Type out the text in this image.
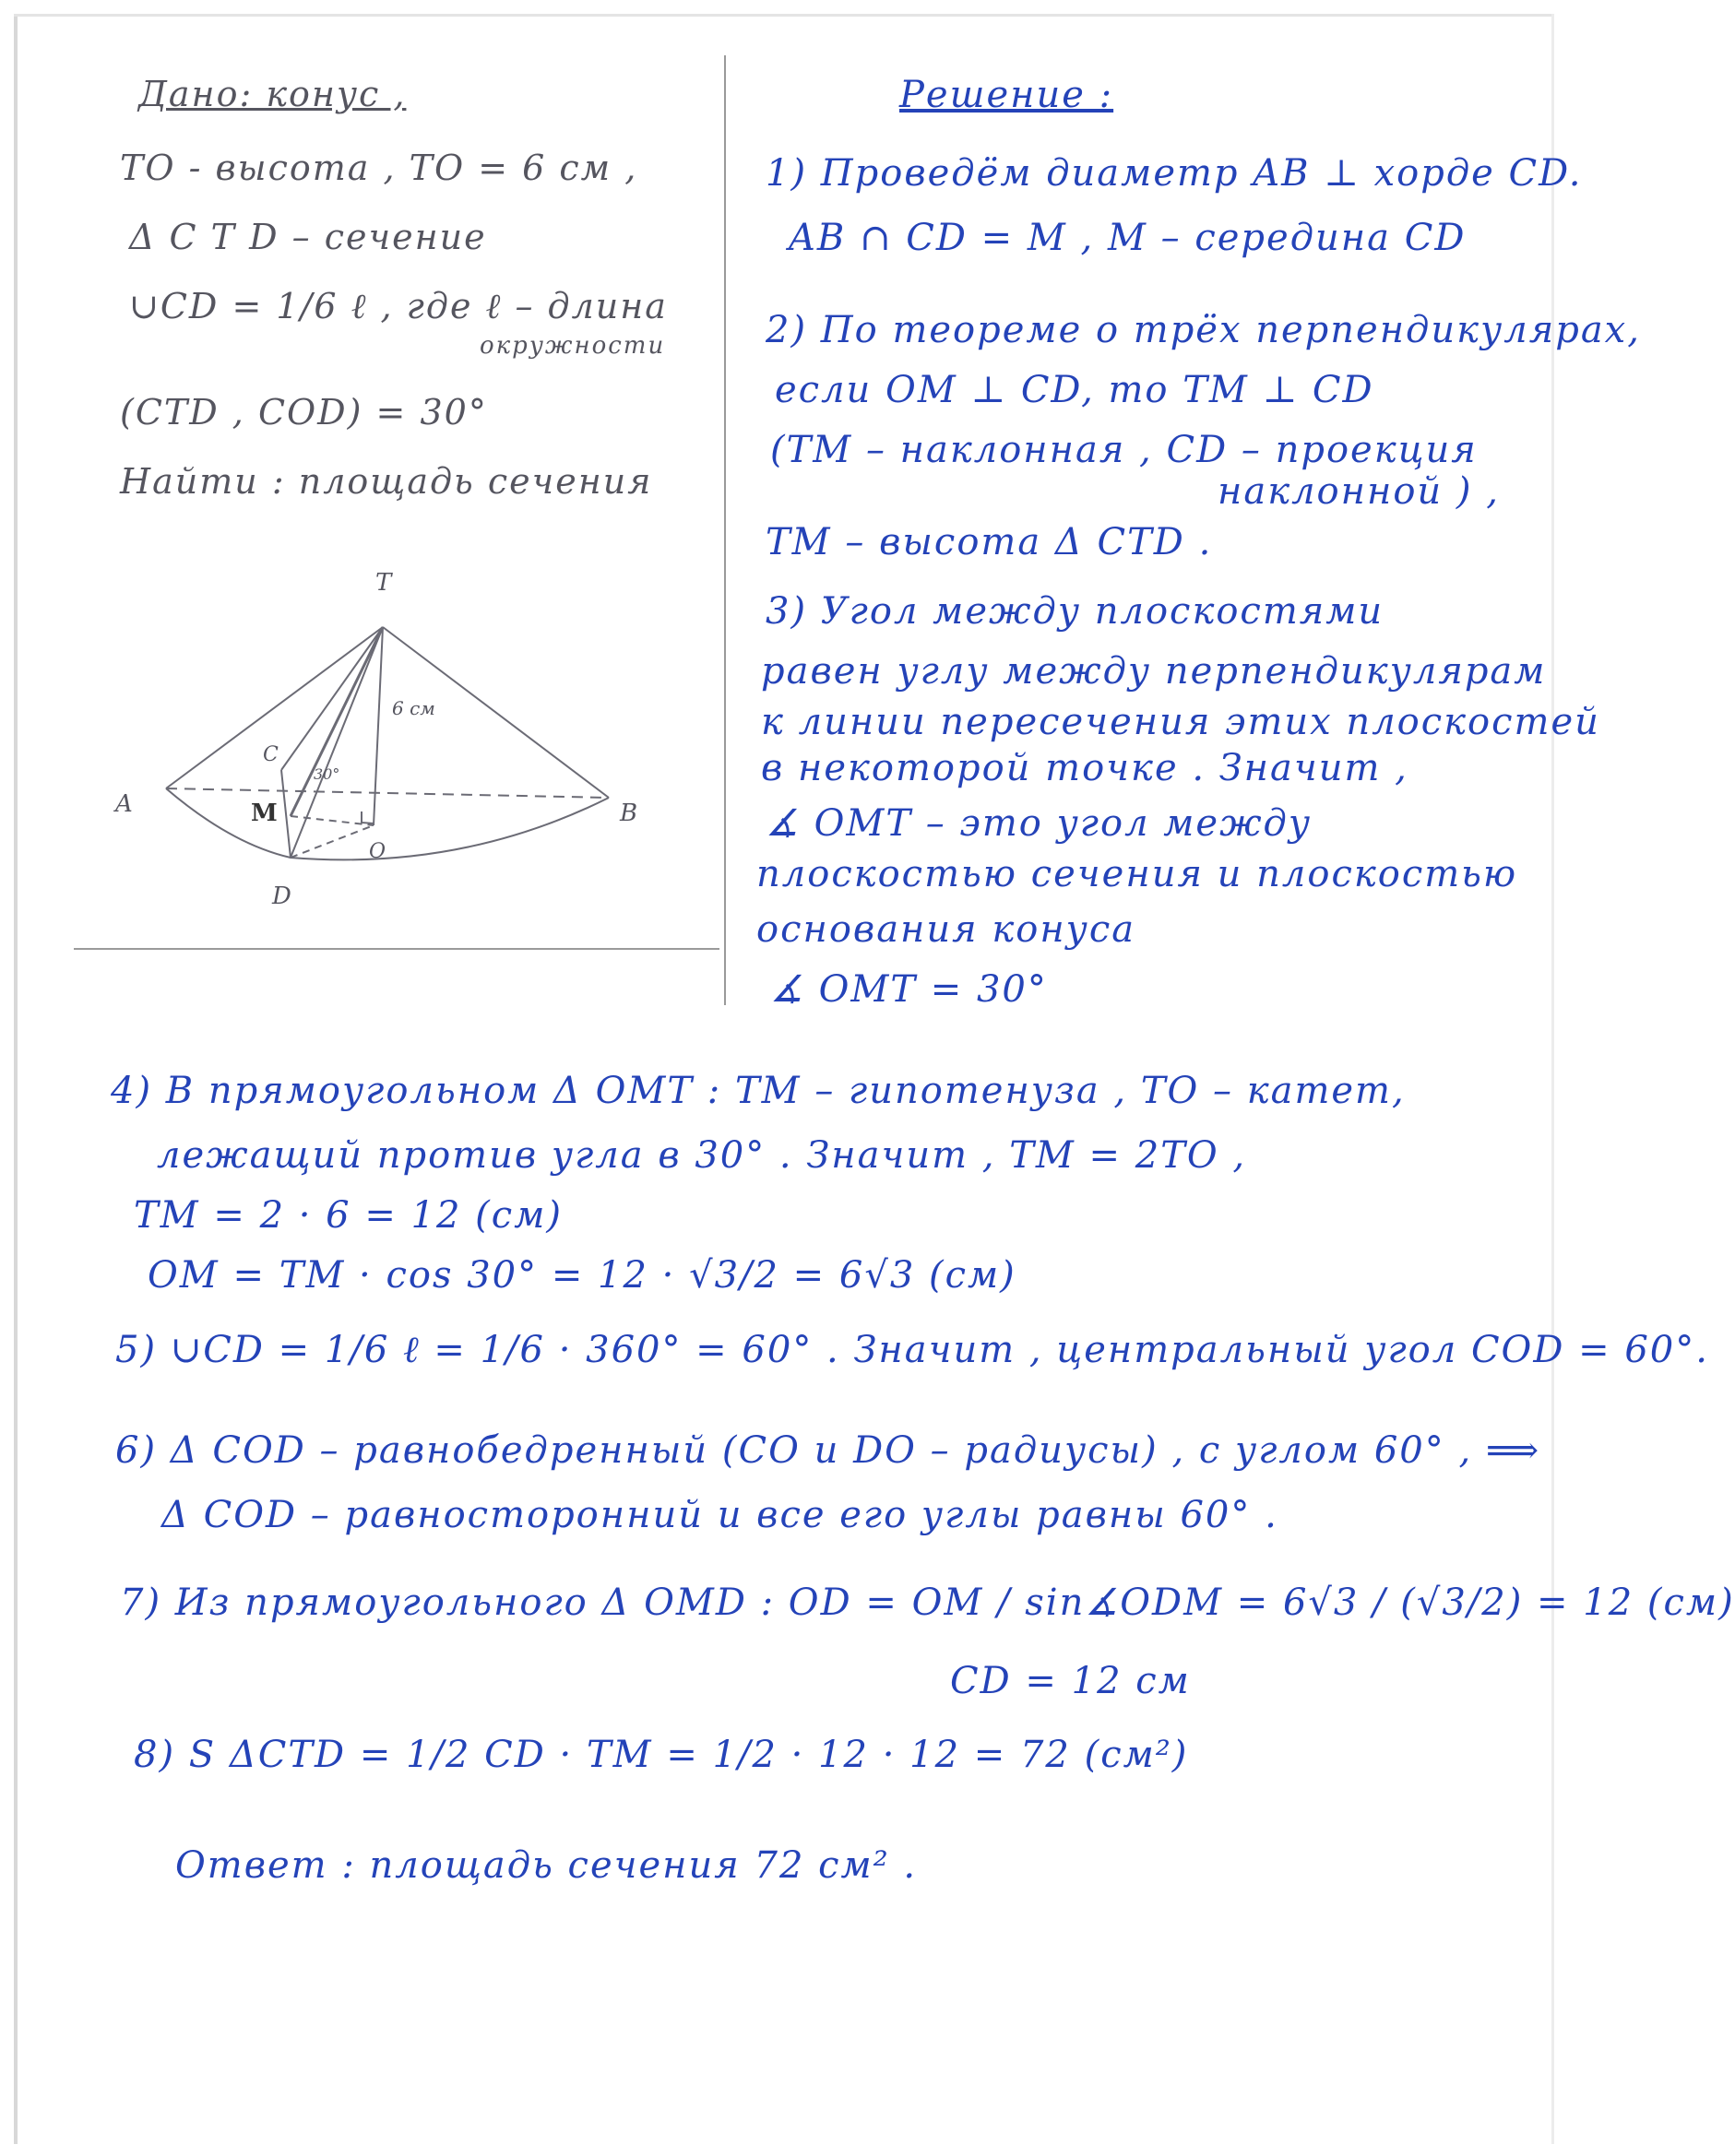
Дано: конус ,
TO - высота , TO = 6 см ,
Δ C T D – сечение
∪CD = 1/6 ℓ , где ℓ – длина
окружности
(CTD , COD) = 30°
Найти : площадь сечения
T
A	B
C
D
M
O
6 см
30°
Решение :
1) Проведём диаметр AB ⊥ хорде CD.
AB ∩ CD = M , M – середина CD
2) По теореме о трёх перпендикулярах,
если OM ⊥ CD, то TM ⊥ CD
(TM – наклонная , CD – проекция
наклонной ) ,
TM – высота Δ CTD .
3) Угол между плоскостями
равен углу между перпендикулярам
к линии пересечения этих плоскостей
в некоторой точке . Значит ,
∡ OMT – это угол между
плоскостью сечения и плоскостью
основания конуса
∡ OMT = 30°
4) В прямоугольном Δ OMT : TM – гипотенуза , TO – катет,
лежащий против угла в 30° . Значит , TM = 2TO ,
TM = 2 · 6 = 12 (см)
OM = TM · cos 30° = 12 · √3/2 = 6√3 (см)
5) ∪CD = 1/6 ℓ = 1/6 · 360° = 60° . Значит , центральный угол COD = 60°.
6) Δ COD – равнобедренный (CO и DO – радиусы) , с углом 60° , ⟹
Δ COD – равносторонний и все его углы равны 60° .
7) Из прямоугольного Δ OMD : OD = OM / sin∡ODM = 6√3 / (√3/2) = 12 (см)
CD = 12 см
8) S ΔCTD = 1/2 CD · TM = 1/2 · 12 · 12 = 72 (см²)
Ответ : площадь сечения 72 см² .
